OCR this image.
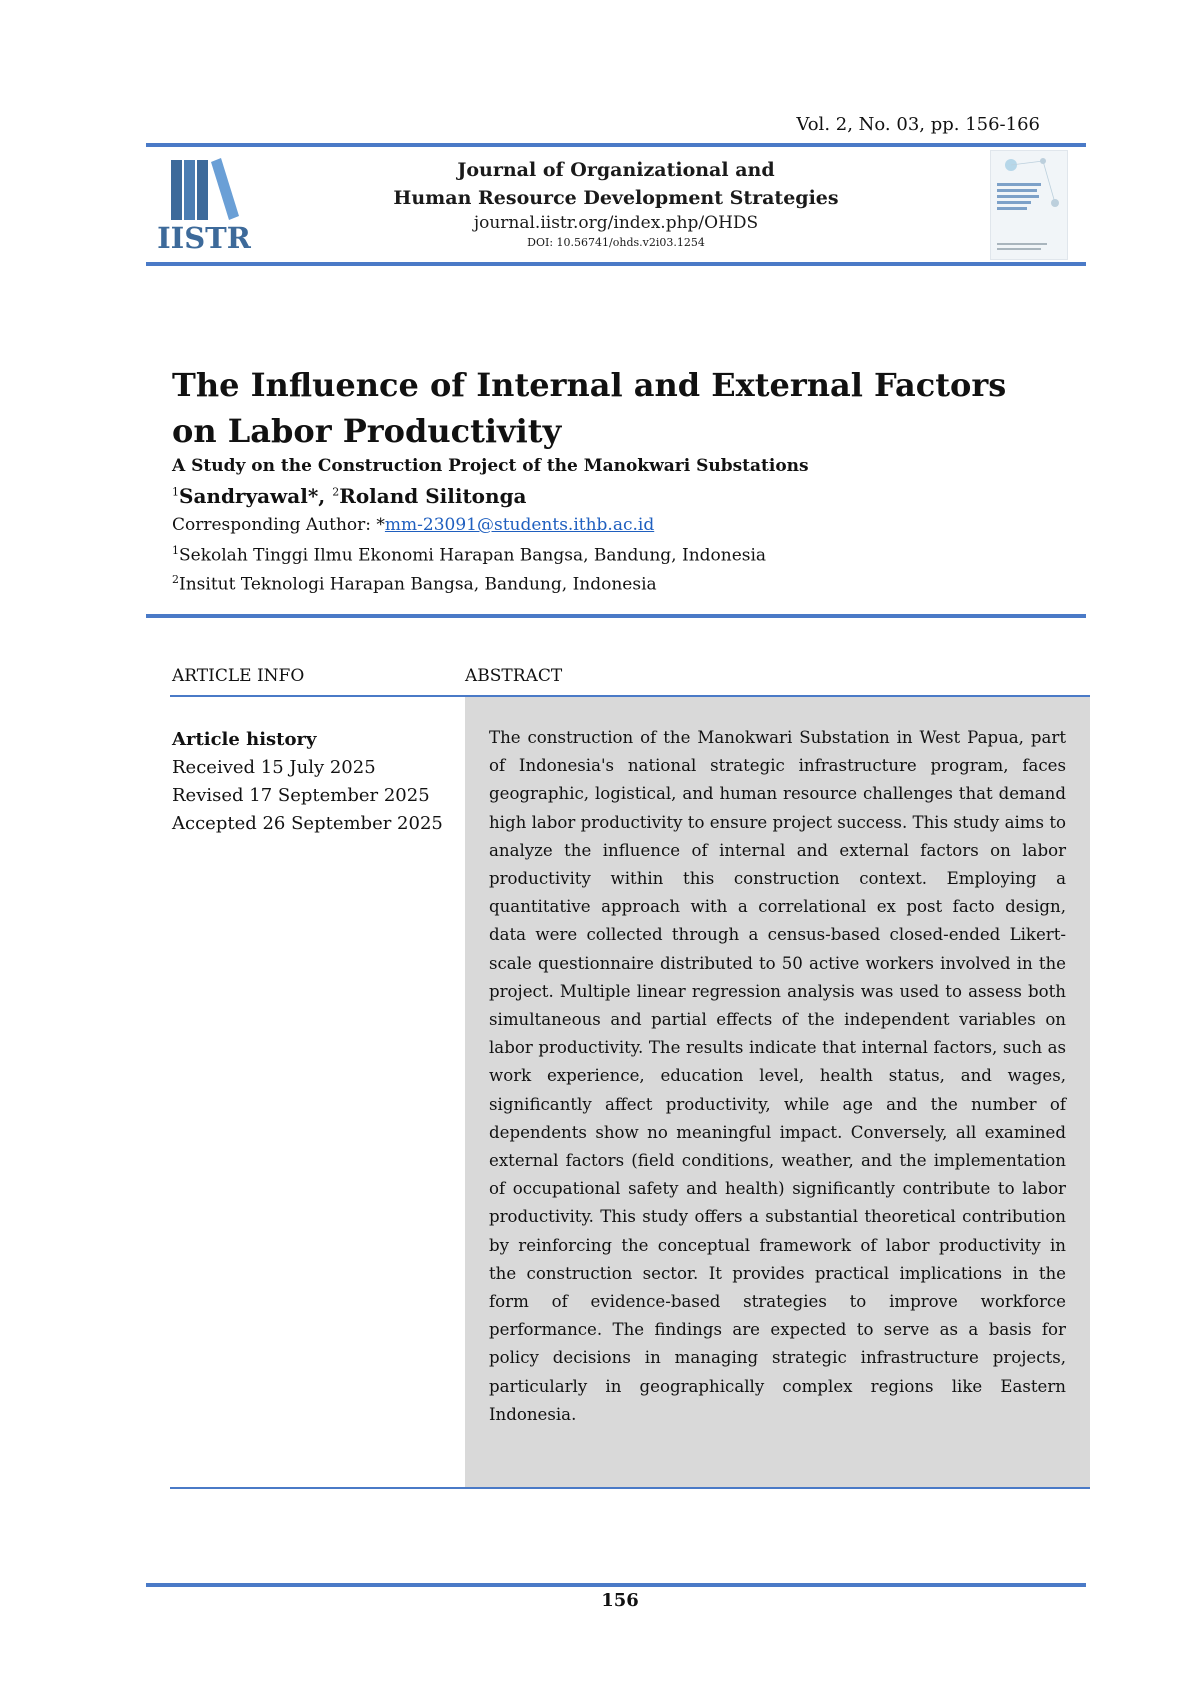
Vol. 2, No. 03, pp. 156-166
IISTR
Journal of Organizational and
Human Resource Development Strategies
journal.iistr.org/index.php/OHDS
DOI: 10.56741/ohds.v2i03.1254
The Influence of Internal and External Factors on Labor Productivity
A Study on the Construction Project of the Manokwari Substations
$^1$Sandryawal*, $^2$Roland Silitonga
Corresponding Author: *mm-23091@students.ithb.ac.id
$^1$Sekolah Tinggi Ilmu Ekonomi Harapan Bangsa, Bandung, Indonesia
$^2$Insitut Teknologi Harapan Bangsa, Bandung, Indonesia
ARTICLE INFO	ABSTRACT
Article history
Received 15 July 2025
Revised 17 September 2025
Accepted 26 September 2025

The construction of the Manokwari Substation in West Papua, part of Indonesia's national strategic infrastructure program, faces geographic, logistical, and human resource challenges that demand high labor productivity to ensure project success. This study aims to analyze the influence of internal and external factors on labor productivity within this construction context. Employing a quantitative approach with a correlational ex post facto design, data were collected through a census-based closed-ended Likert-scale questionnaire distributed to 50 active workers involved in the project. Multiple linear regression analysis was used to assess both simultaneous and partial effects of the independent variables on labor productivity. The results indicate that internal factors, such as work experience, education level, health status, and wages, significantly affect productivity, while age and the number of dependents show no meaningful impact. Conversely, all examined external factors (field conditions, weather, and the implementation of occupational safety and health) significantly contribute to labor productivity. This study offers a substantial theoretical contribution by reinforcing the conceptual framework of labor productivity in the construction sector. It provides practical implications in the form of evidence-based strategies to improve workforce performance. The findings are expected to serve as a basis for policy decisions in managing strategic infrastructure projects, particularly in geographically complex regions like Eastern Indonesia.

156
